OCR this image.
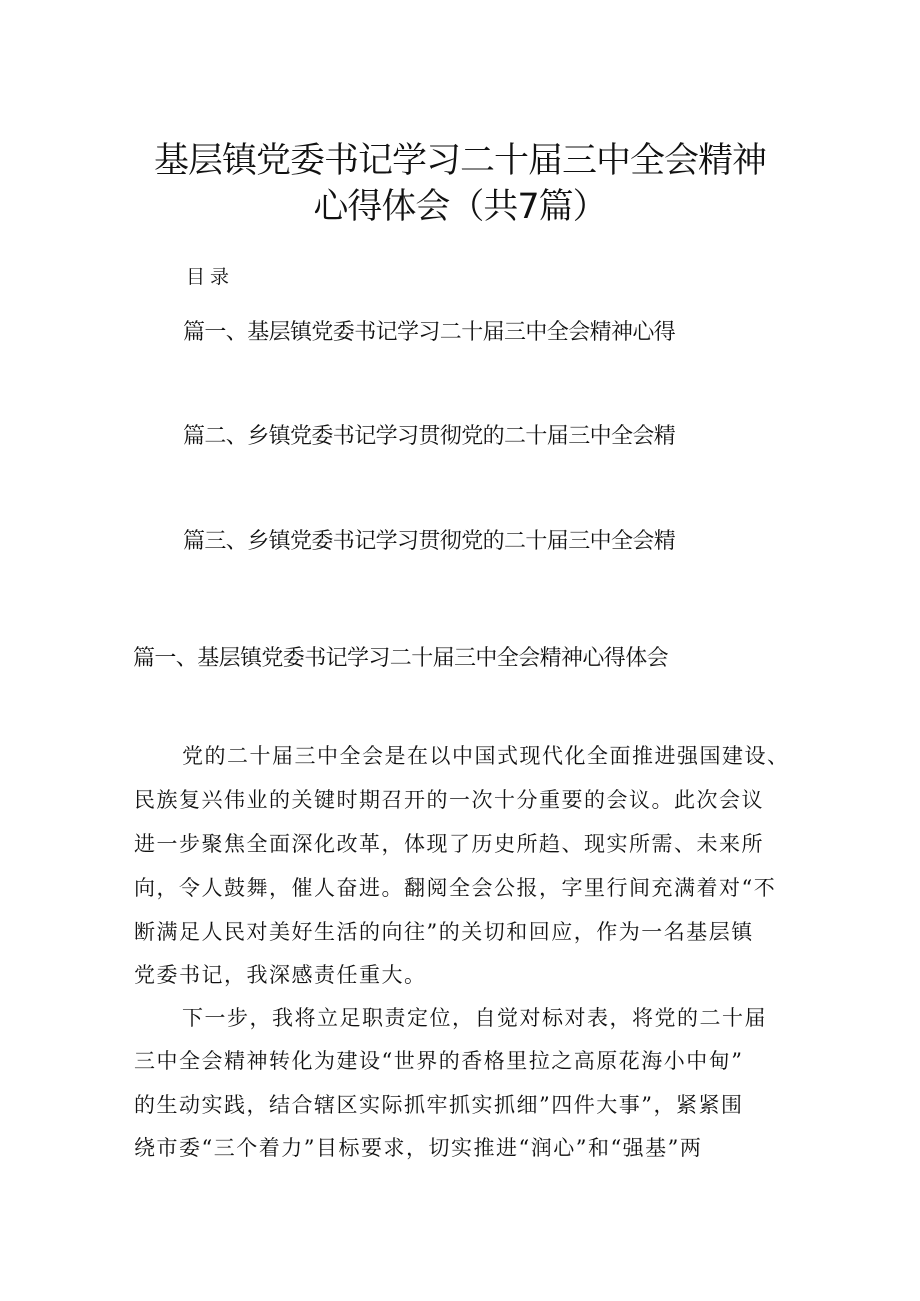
基层镇党委书记学习二十届三中全会精神
心得体会（共7篇）
目录
篇一、基层镇党委书记学习二十届三中全会精神心得
篇二、乡镇党委书记学习贯彻党的二十届三中全会精
篇三、乡镇党委书记学习贯彻党的二十届三中全会精
篇一、基层镇党委书记学习二十届三中全会精神心得体会
党的二十届三中全会是在以中国式现代化全面推进强国建设、
民族复兴伟业的关键时期召开的一次十分重要的会议。此次会议
进一步聚焦全面深化改革，体现了历史所趋、现实所需、未来所
向，令人鼓舞，催人奋进。翻阅全会公报，字里行间充满着对“不
断满足人民对美好生活的向往”的关切和回应，作为一名基层镇
党委书记，我深感责任重大。
下一步，我将立足职责定位，自觉对标对表，将党的二十届
三中全会精神转化为建设“世界的香格里拉之高原花海小中甸”
的生动实践，结合辖区实际抓牢抓实抓细”四件大事”，紧紧围
绕市委“三个着力”目标要求，切实推进“润心”和“强基”两
